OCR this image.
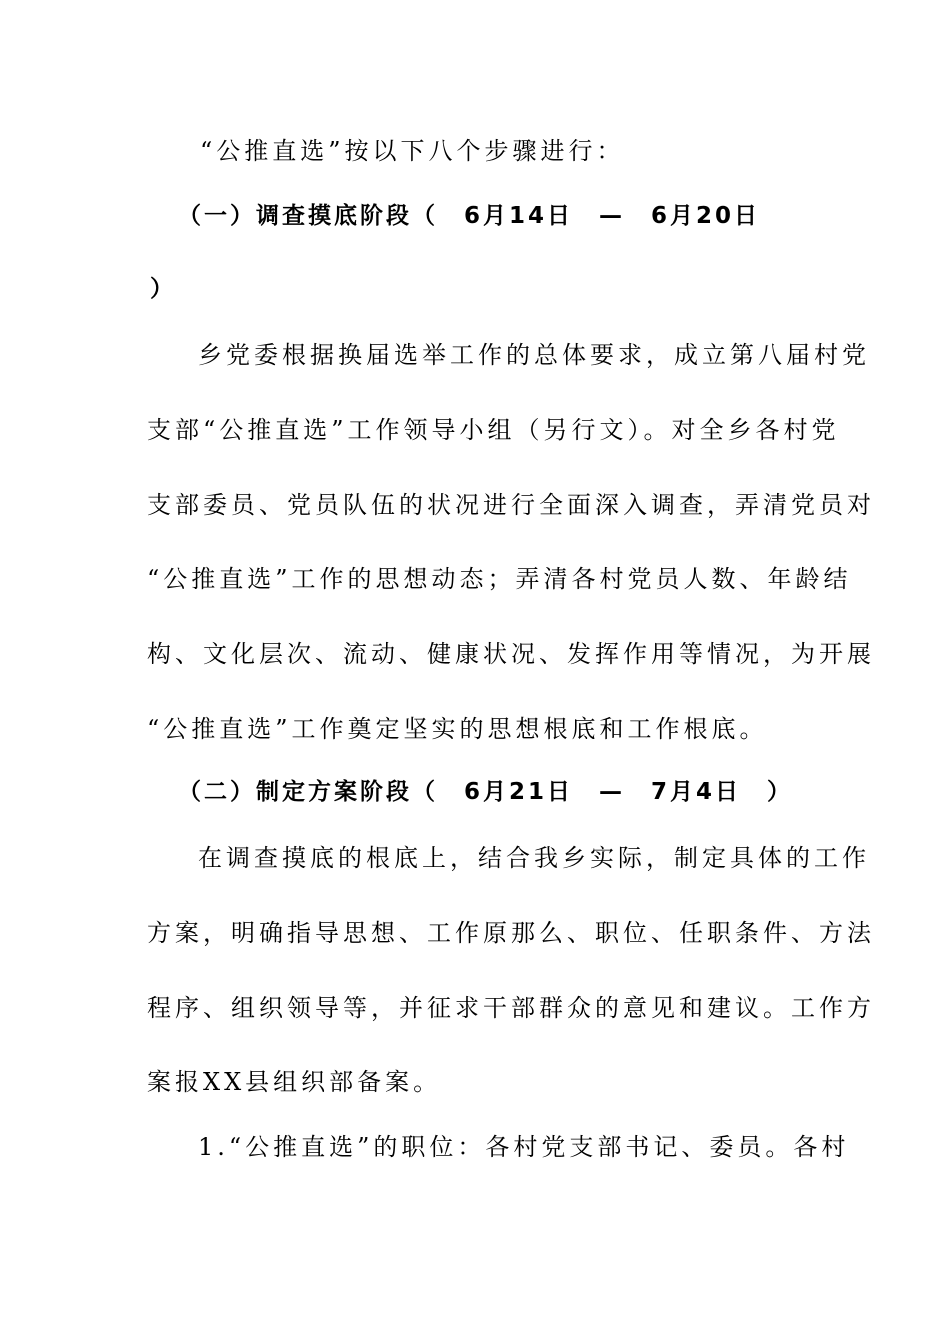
“公推直选”按以下八个步骤进行：
（一）调查摸底阶段（　6月14日　—　6月20日
）
乡党委根据换届选举工作的总体要求，成立第八届村党
支部“公推直选”工作领导小组（另行文）。对全乡各村党
支部委员、党员队伍的状况进行全面深入调查，弄清党员对
“公推直选”工作的思想动态；弄清各村党员人数、年龄结
构、文化层次、流动、健康状况、发挥作用等情况，为开展
“公推直选”工作奠定坚实的思想根底和工作根底。
（二）制定方案阶段（　6月21日　—　7月4日　）
在调查摸底的根底上，结合我乡实际，制定具体的工作
方案，明确指导思想、工作原那么、职位、任职条件、方法
程序、组织领导等，并征求干部群众的意见和建议。工作方
案报XX县组织部备案。
1.“公推直选”的职位：各村党支部书记、委员。各村
